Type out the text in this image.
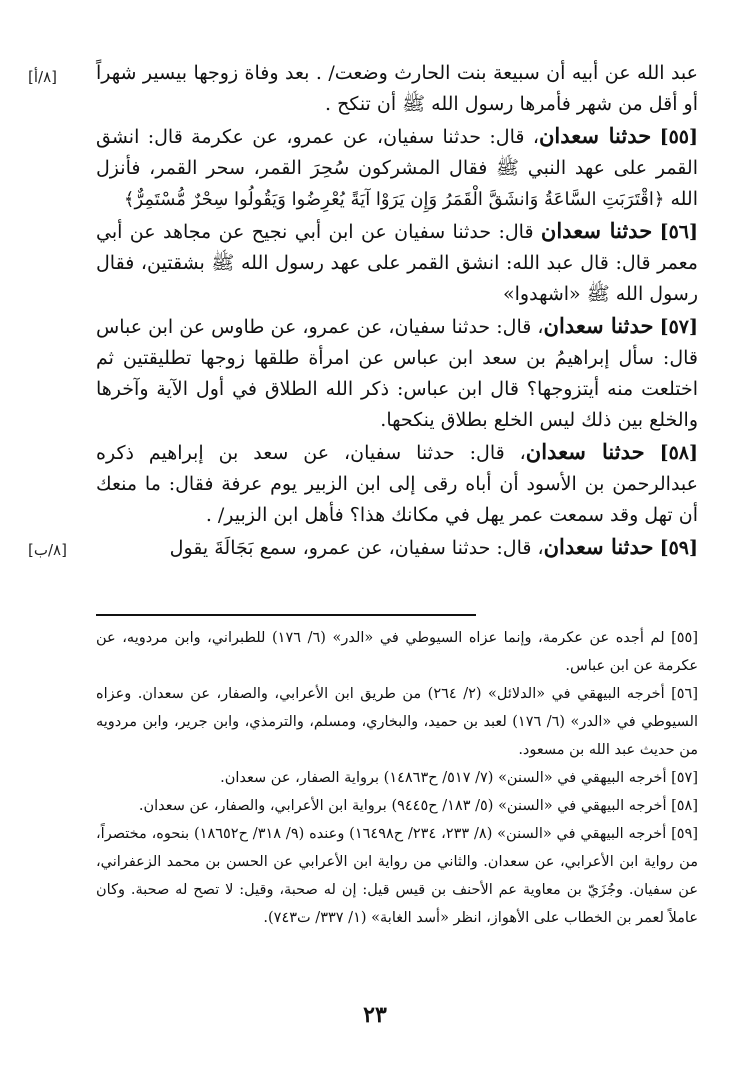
[٨/أ]
[٨/ب]

عبد الله عن أبيه أن سبيعة بنت الحارث وضعت/ . بعد وفاة زوجها بيسير شهراً أو أقل من شهر فأمرها رسول الله ﷺ أن تنكح .

[٥٥] حدثنا سعدان، قال: حدثنا سفيان، عن عمرو، عن عكرمة قال: انشق القمر على عهد النبي ﷺ فقال المشركون سُحِرَ القمر، سحر القمر، فأنزل الله ﴿اقْتَرَبَتِ السَّاعَةُ وَانشَقَّ الْقَمَرُ وَإِن يَرَوْا آيَةً يُعْرِضُوا وَيَقُولُوا سِحْرٌ مُّسْتَمِرٌّ﴾

[٥٦] حدثنا سعدان قال: حدثنا سفيان عن ابن أبي نجيح عن مجاهد عن أبي معمر قال: قال عبد الله: انشق القمر على عهد رسول الله ﷺ بشقتين، فقال رسول الله ﷺ «اشهدوا»

[٥٧] حدثنا سعدان، قال: حدثنا سفيان، عن عمرو، عن طاوس عن ابن عباس قال: سأل إبراهيمُ بن سعد ابن عباس عن امرأة طلقها زوجها تطليقتين ثم اختلعت منه أيتزوجها؟ قال ابن عباس: ذكر الله الطلاق في أول الآية وآخرها والخلع بين ذلك ليس الخلع بطلاق ينكحها.

[٥٨] حدثنا سعدان، قال: حدثنا سفيان، عن سعد بن إبراهيم ذكره عبدالرحمن بن الأسود أن أباه رقى إلى ابن الزبير يوم عرفة فقال: ما منعك أن تهل وقد سمعت عمر يهل في مكانك هذا؟ فأهل ابن الزبير/ .

[٥٩] حدثنا سعدان، قال: حدثنا سفيان، عن عمرو، سمع بَجَالَةَ يقول

[٥٥] لم أجده عن عكرمة، وإنما عزاه السيوطي في «الدر» (٦/ ١٧٦) للطبراني، وابن مردويه، عن عكرمة عن ابن عباس.

[٥٦] أخرجه البيهقي في «الدلائل» (٢/ ٢٦٤) من طريق ابن الأعرابي، والصفار، عن سعدان. وعزاه السيوطي في «الدر» (٦/ ١٧٦) لعبد بن حميد، والبخاري، ومسلم، والترمذي، وابن جرير، وابن مردويه من حديث عبد الله بن مسعود.

[٥٧] أخرجه البيهقي في «السنن» (٧/ ٥١٧/ ح١٤٨٦٣) برواية الصفار، عن سعدان.

[٥٨] أخرجه البيهقي في «السنن» (٥/ ١٨٣/ ح٩٤٤٥) برواية ابن الأعرابي، والصفار، عن سعدان.

[٥٩] أخرجه البيهقي في «السنن» (٨/ ٢٣٣، ٢٣٤/ ح١٦٤٩٨) وعنده (٩/ ٣١٨/ ح١٨٦٥٢) بنحوه، مختصراً، من رواية ابن الأعرابي، عن سعدان. والثاني من رواية ابن الأعرابي عن الحسن بن محمد الزعفراني، عن سفيان. وجُزَيّ بن معاوية عم الأحنف بن قيس قيل: إن له صحبة، وقيل: لا تصح له صحبة. وكان عاملاً لعمر بن الخطاب على الأهواز، انظر «أسد الغابة» (١/ ٣٣٧/ ت٧٤٣).

٢٣
